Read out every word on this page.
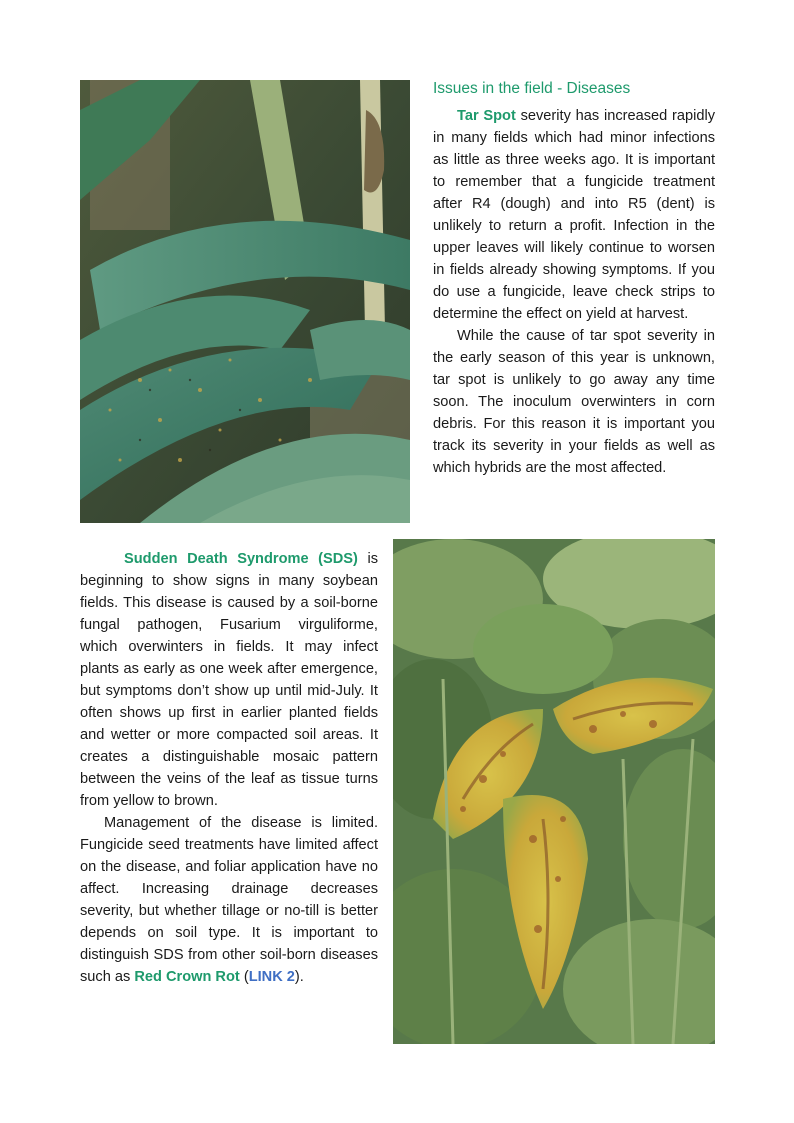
Issues in the field - Diseases

Tar Spot severity has increased rapidly in many fields which had minor infections as little as three weeks ago. It is important to remember that a fungicide treatment after R4 (dough) and into R5 (dent) is unlikely to return a profit. Infection in the upper leaves will likely continue to worsen in fields already showing symptoms. If you do use a fungicide, leave check strips to determine the effect on yield at harvest.

While the cause of tar spot severity in the early season of this year is unknown, tar spot is unlikely to go away any time soon. The inoculum overwinters in corn debris. For this reason it is important you track its severity in your fields as well as which hybrids are the most affected.

Sudden Death Syndrome (SDS) is beginning to show signs in many soybean fields. This disease is caused by a soil-borne fungal pathogen, Fusarium virguliforme, which overwinters in fields. It may infect plants as early as one week after emergence, but symptoms don’t show up until mid-July. It often shows up first in earlier planted fields and wetter or more compacted soil areas. It creates a distinguishable mosaic pattern between the veins of the leaf as tissue turns from yellow to brown.

Management of the disease is limited. Fungicide seed treatments have limited affect on the disease, and foliar application have no affect. Increasing drainage decreases severity, but whether tillage or no-till is better depends on soil type. It is important to distinguish SDS from other soil-born diseases such as Red Crown Rot (LINK 2).
